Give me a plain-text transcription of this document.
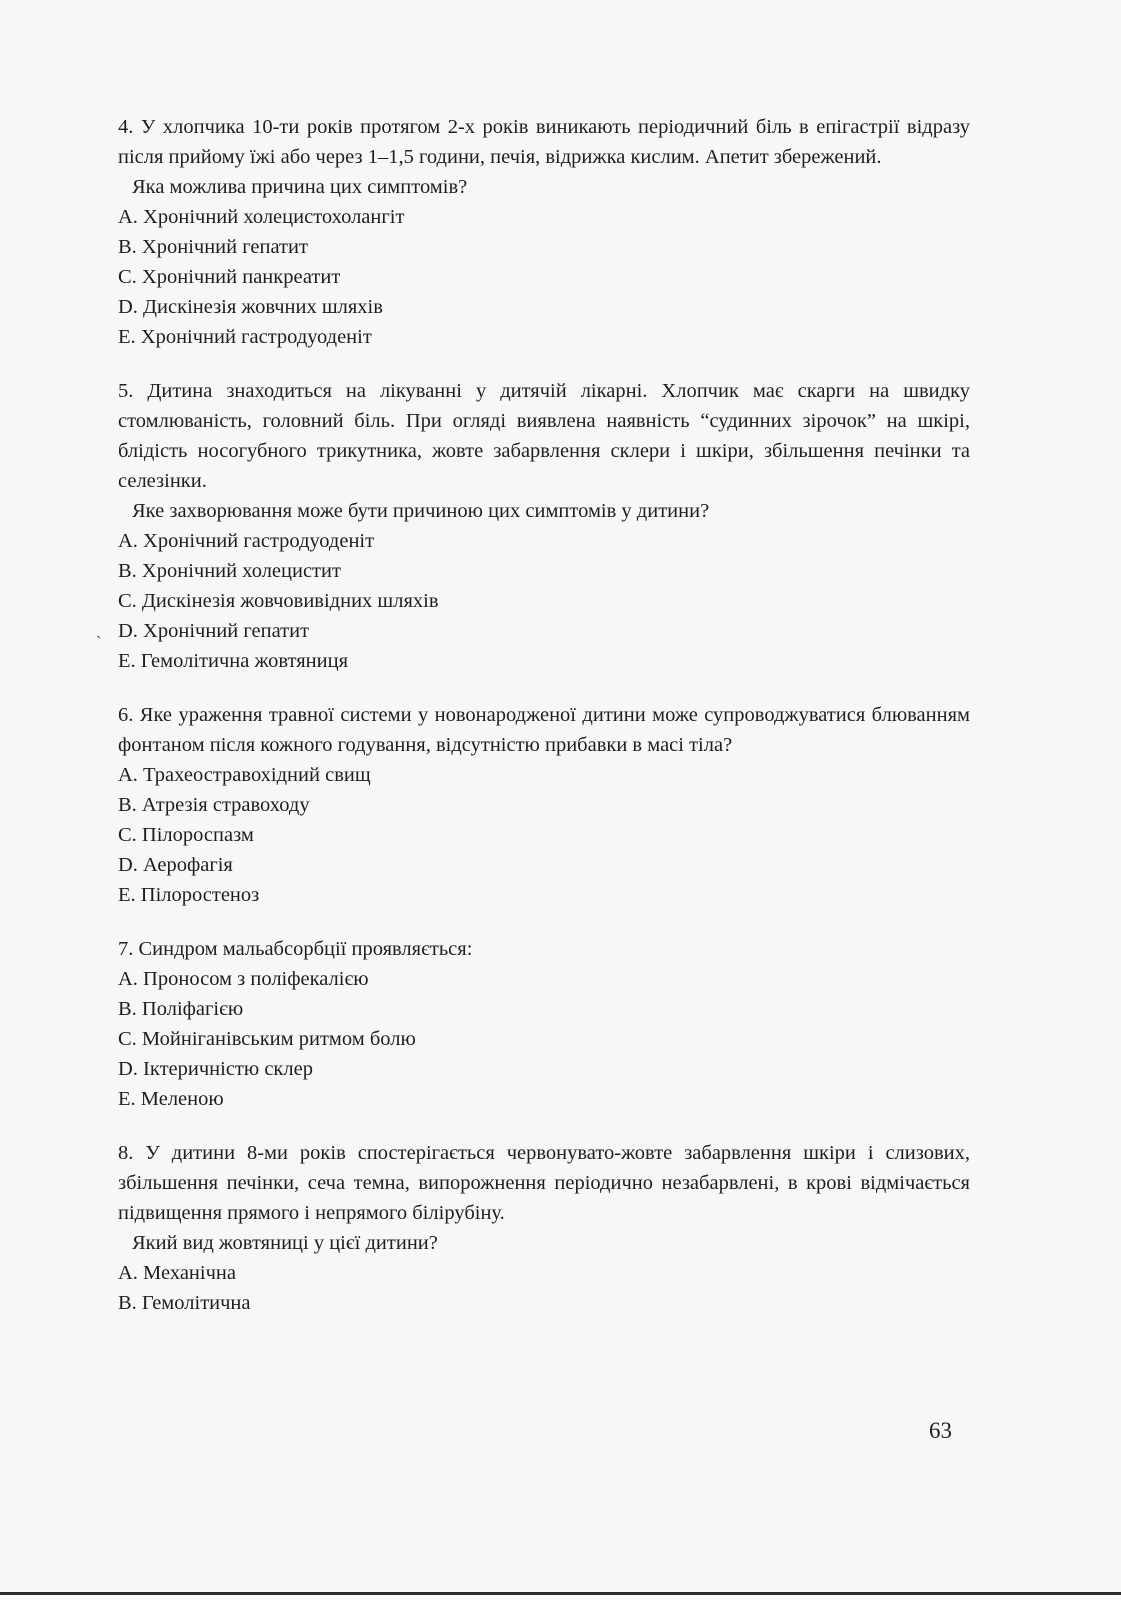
4. У хлопчика 10-ти років протягом 2-х років виникають періодичний біль в епігастрії відразу після прийому їжі або через 1–1,5 години, печія, відрижка кислим. Апетит збережений.

Яка можлива причина цих симптомів?

A. Хронічний холецистохолангіт
B. Хронічний гепатит
C. Хронічний панкреатит
D. Дискінезія жовчних шляхів
E. Хронічний гастродуоденіт

5. Дитина знаходиться на лікуванні у дитячій лікарні. Хлопчик має скарги на швидку стомлюваність, головний біль. При огляді виявлена наявність “судинних зірочок” на шкірі, блідість носогубного трикутника, жовте забарвлення склери і шкіри, збільшення печінки та селезінки.

Яке захворювання може бути причиною цих симптомів у дитини?

A. Хронічний гастродуоденіт
B. Хронічний холецистит
C. Дискінезія жовчовивідних шляхів
ˎ D. Хронічний гепатит
E. Гемолітична жовтяниця

6. Яке ураження травної системи у новонародженої дитини може супроводжуватися блюванням фонтаном після кожного годування, відсутністю прибавки в масі тіла?

A. Трахеостравохідний свищ
B. Атрезія стравоходу
C. Пілороспазм
D. Аерофагія
E. Пілоростеноз

7. Синдром мальабсорбції проявляється:

A. Проносом з поліфекалією
B. Поліфагією
C. Мойніганівським ритмом болю
D. Іктеричністю склер
E. Меленою

8. У дитини 8-ми років спостерігається червонувато-жовте забарвлення шкіри і слизових, збільшення печінки, сеча темна, випорожнення періодично незабарвлені, в крові відмічається підвищення прямого і непрямого білірубіну.

Який вид жовтяниці у цієї дитини?

A. Механічна
B. Гемолітична
63
